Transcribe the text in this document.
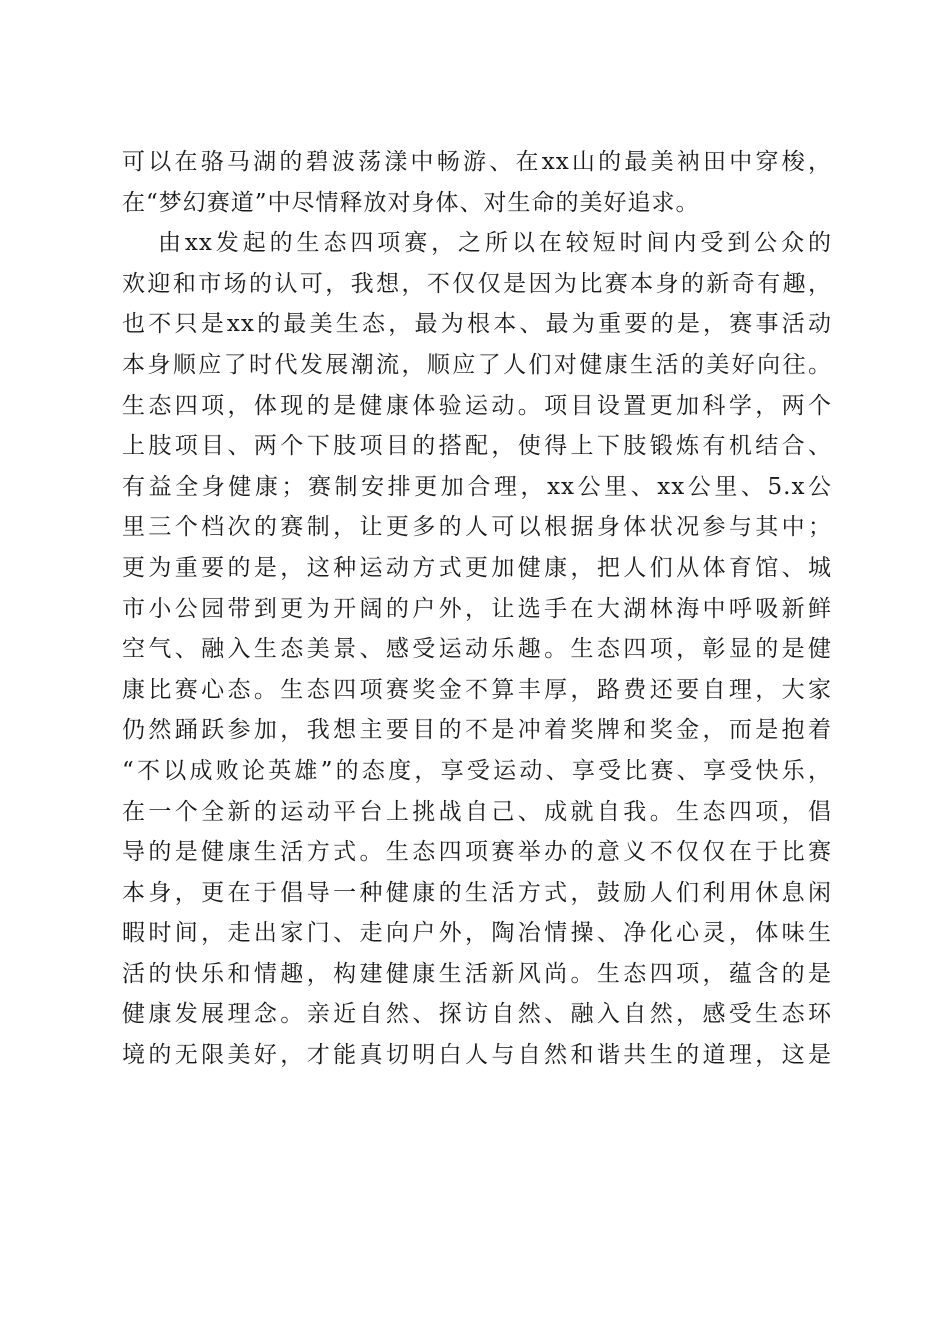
可以在骆马湖的碧波荡漾中畅游、在xx山的最美衲田中穿梭，
在“梦幻赛道”中尽情释放对身体、对生命的美好追求。
由xx发起的生态四项赛，之所以在较短时间内受到公众的
欢迎和市场的认可，我想，不仅仅是因为比赛本身的新奇有趣，
也不只是xx的最美生态，最为根本、最为重要的是，赛事活动
本身顺应了时代发展潮流，顺应了人们对健康生活的美好向往。
生态四项，体现的是健康体验运动。项目设置更加科学，两个
上肢项目、两个下肢项目的搭配，使得上下肢锻炼有机结合、
有益全身健康；赛制安排更加合理，xx公里、xx公里、5.x公
里三个档次的赛制，让更多的人可以根据身体状况参与其中；
更为重要的是，这种运动方式更加健康，把人们从体育馆、城
市小公园带到更为开阔的户外，让选手在大湖林海中呼吸新鲜
空气、融入生态美景、感受运动乐趣。生态四项，彰显的是健
康比赛心态。生态四项赛奖金不算丰厚，路费还要自理，大家
仍然踊跃参加，我想主要目的不是冲着奖牌和奖金，而是抱着
“不以成败论英雄”的态度，享受运动、享受比赛、享受快乐，
在一个全新的运动平台上挑战自己、成就自我。生态四项，倡
导的是健康生活方式。生态四项赛举办的意义不仅仅在于比赛
本身，更在于倡导一种健康的生活方式，鼓励人们利用休息闲
暇时间，走出家门、走向户外，陶冶情操、净化心灵，体味生
活的快乐和情趣，构建健康生活新风尚。生态四项，蕴含的是
健康发展理念。亲近自然、探访自然、融入自然，感受生态环
境的无限美好，才能真切明白人与自然和谐共生的道理，这是
